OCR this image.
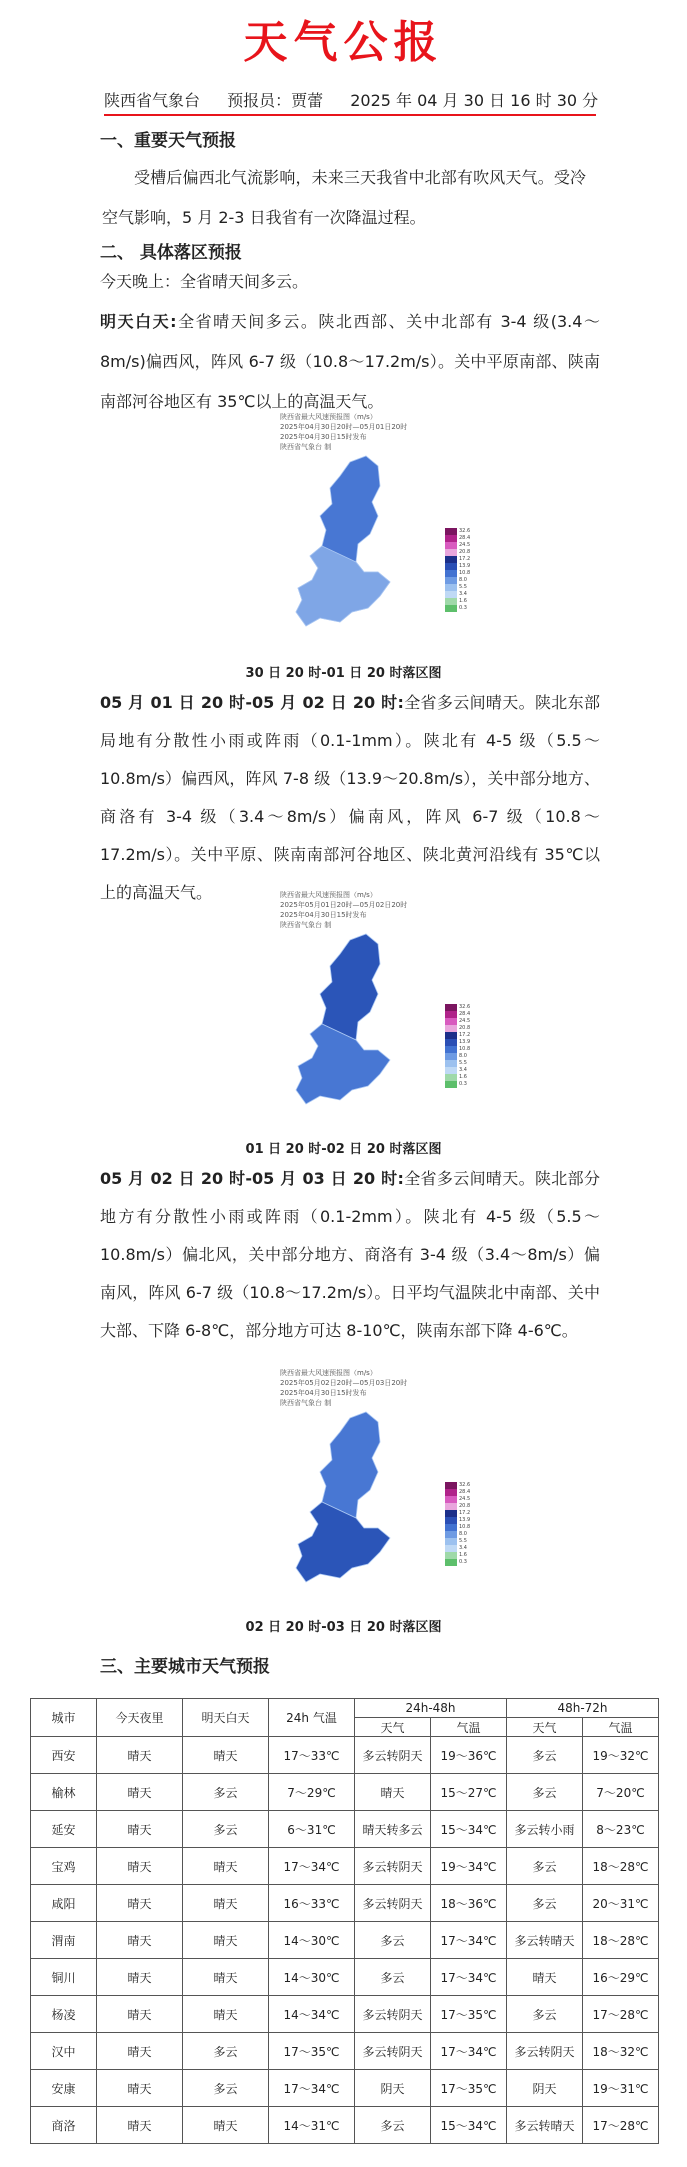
天气公报
陕西省气象台 预报员：贾蕾 2025 年 04 月 30 日 16 时 30 分
一、重要天气预报
受槽后偏西北气流影响，未来三天我省中北部有吹风天气。受冷空气影响，5 月 2-3 日我省有一次降温过程。
二、 具体落区预报
今天晚上：全省晴天间多云。
明天白天:全省晴天间多云。陕北西部、关中北部有 3-4 级(3.4～8m/s)偏西风，阵风 6-7 级（10.8～17.2m/s）。关中平原南部、陕南南部河谷地区有 35℃以上的高温天气。
陕西省最大风速预报图（m/s）
2025年04月30日20时—05月01日20时
2025年04月30日15时发布
陕西省气象台 制
32.6
28.4
24.5
20.8
17.2
13.9
10.8
8.0
5.5
3.4
1.6
0.3
30 日 20 时-01 日 20 时落区图
05 月 01 日 20 时-05 月 02 日 20 时:全省多云间晴天。陕北东部局地有分散性小雨或阵雨（0.1-1mm）。陕北有 4-5 级（5.5～10.8m/s）偏西风，阵风 7-8 级（13.9～20.8m/s），关中部分地方、商洛有 3-4 级（3.4～8m/s）偏南风，阵风 6-7 级（10.8～17.2m/s）。关中平原、陕南南部河谷地区、陕北黄河沿线有 35℃以上的高温天气。	陕西省最大风速预报图（m/s）
2025年05月01日20时—05月02日20时
2025年04月30日15时发布
陕西省气象台 制
32.6
28.4
24.5
20.8
17.2
13.9
10.8
8.0
5.5
3.4
1.6
0.3
01 日 20 时-02 日 20 时落区图
05 月 02 日 20 时-05 月 03 日 20 时:全省多云间晴天。陕北部分地方有分散性小雨或阵雨（0.1-2mm）。陕北有 4-5 级（5.5～10.8m/s）偏北风，关中部分地方、商洛有 3-4 级（3.4～8m/s）偏南风，阵风 6-7 级（10.8～17.2m/s）。日平均气温陕北中南部、关中大部、下降 6-8℃，部分地方可达 8-10℃，陕南东部下降 4-6℃。
陕西省最大风速预报图（m/s）
2025年05月02日20时—05月03日20时
2025年04月30日15时发布
陕西省气象台 制
32.6
28.4
24.5
20.8
17.2
13.9
10.8
8.0
5.5
3.4
1.6
0.3
02 日 20 时-03 日 20 时落区图
三、主要城市天气预报
城市	今天夜里	明天白天	24h 气温	24h-48h		48h-72h	
				天气	气温	天气	气温
西安	晴天	晴天	17～33℃	多云转阴天	19～36℃	多云	19～32℃
榆林	晴天	多云	7～29℃	晴天	15～27℃	多云	7～20℃
延安	晴天	多云	6～31℃	晴天转多云	15～34℃	多云转小雨	8～23℃
宝鸡	晴天	晴天	17～34℃	多云转阴天	19～34℃	多云	18～28℃
咸阳	晴天	晴天	16～33℃	多云转阴天	18～36℃	多云	20～31℃
渭南	晴天	晴天	14～30℃	多云	17～34℃	多云转晴天	18～28℃
铜川	晴天	晴天	14～30℃	多云	17～34℃	晴天	16～29℃
杨凌	晴天	晴天	14～34℃	多云转阴天	17～35℃	多云	17～28℃
汉中	晴天	多云	17～35℃	多云转阴天	17～34℃	多云转阴天	18～32℃
安康	晴天	多云	17～34℃	阴天	17～35℃	阴天	19～31℃
商洛	晴天	晴天	14～31℃	多云	15～34℃	多云转晴天	17～28℃
